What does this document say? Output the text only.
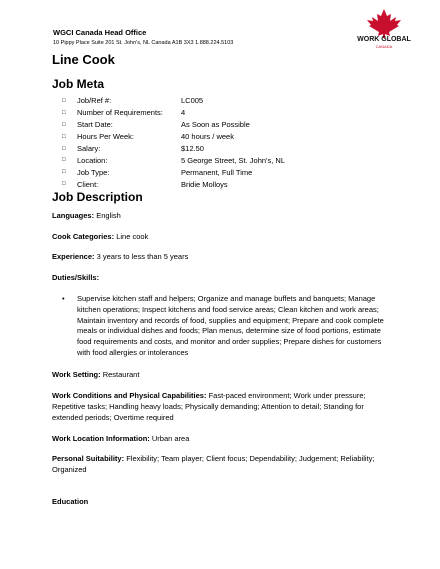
WGCI Canada Head Office
10 Pippy Place Suite 201 St. John's, NL Canada A1B 3X3 1.888.224.5103	WORK GLOBAL
CANADA
Line Cook
Job Meta
□	Job/Ref #:	LC005
□	Number of Requirements:	4
□	Start Date:	As Soon as Possible
□	Hours Per Week:	40 hours / week
□	Salary:	$12.50
□	Location:	5 George Street, St. John's, NL
□	Job Type:	Permanent, Full Time
□	Client:	Bridie Molloys
Job Description
Languages: English
Cook Categories: Line cook
Experience: 3 years to less than 5 years
Duties/Skills:
•	Supervise kitchen staff and helpers; Organize and manage buffets and banquets; Manage kitchen operations; Inspect kitchens and food service areas; Clean kitchen and work areas; Maintain inventory and records of food, supplies and equipment; Prepare and cook complete meals or individual dishes and foods; Plan menus, determine size of food portions, estimate food requirements and costs, and monitor and order supplies; Prepare dishes for customers with food allergies or intolerances
Work Setting: Restaurant
Work Conditions and Physical Capabilities: Fast-paced environment; Work under pressure; Repetitive tasks; Handling heavy loads; Physically demanding; Attention to detail; Standing for extended periods; Overtime required
Work Location Information: Urban area
Personal Suitability: Flexibility; Team player; Client focus; Dependability; Judgement; Reliability; Organized
Education
